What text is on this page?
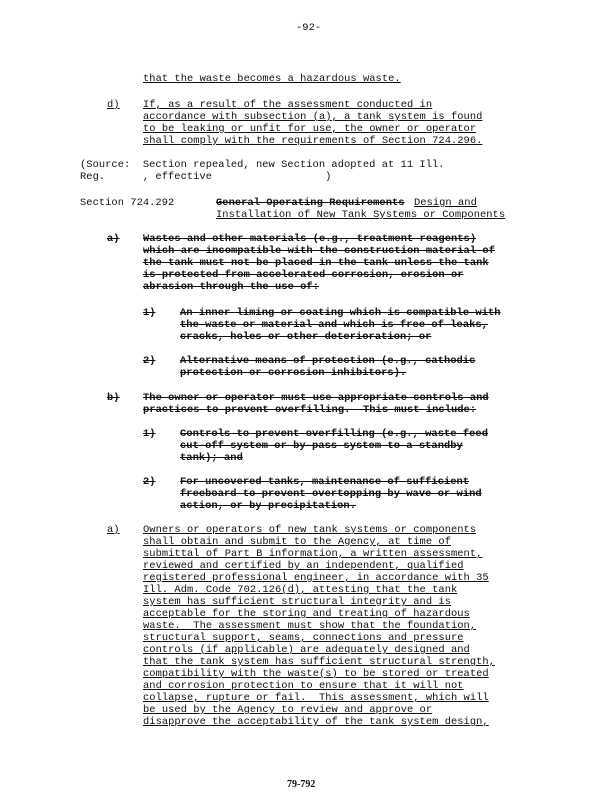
-92-
that the waste becomes a hazardous waste.
d) If, as a result of the assessment conducted in
accordance with subsection (a), a tank system is found
to be leaking or unfit for use, the owner or operator
shall comply with the requirements of Section 724.296.
(Source:  Section repealed, new Section adopted at 11 Ill.
Reg.      , effective                  )
Section 724.292	General Operating Requirements Design and
Installation of New Tank Systems or Components
a) Wastes and other materials (e.g., treatment reagents)
which are incompatible with the construction material of
the tank must not be placed in the tank unless the tank
is protected from accelerated corrosion, erosion or
abrasion through the use of:
1) An inner liming or coating which is compatible with
the waste or material and which is free of leaks,
cracks, holes or other deterioration; or
2) Alternative means of protection (e.g., cathodic
protection or corrosion inhibitors).
b) The owner or operator must use appropriate controls and
practices to prevent overfilling.  This must include:
1) Controls to prevent overfilling (e.g., waste feed
cut-off system or by-pass system to a standby
tank); and
2) For uncovered tanks, maintenance of sufficient
freeboard to prevent overtopping by wave or wind
action, or by precipitation.
a) Owners or operators of new tank systems or components
shall obtain and submit to the Agency, at time of
submittal of Part B information, a written assessment,
reviewed and certified by an independent, qualified
registered professional engineer, in accordance with 35
Ill. Adm. Code 702.126(d), attesting that the tank
system has sufficient structural integrity and is
acceptable for the storing and treating of hazardous
waste.  The assessment must show that the foundation,
structural support, seams, connections and pressure
controls (if applicable) are adequately designed and
that the tank system has sufficient structural strength,
compatibility with the waste(s) to be stored or treated
and corrosion protection to ensure that it will not
collapse, rupture or fail.  This assessment, which will
be used by the Agency to review and approve or
disapprove the acceptability of the tank system design,
79-792
